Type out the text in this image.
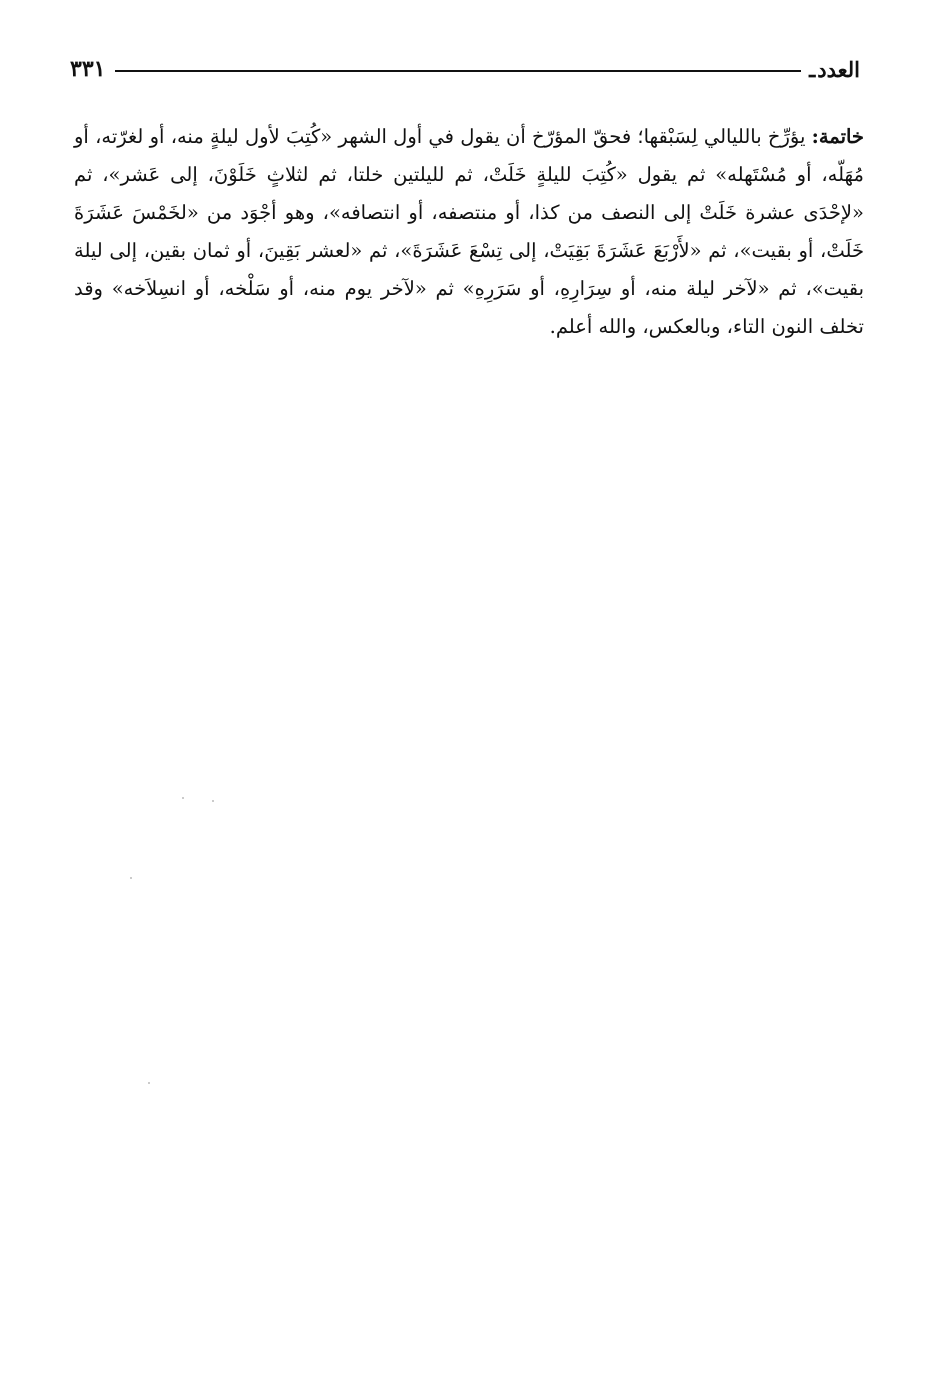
العدد
ـ
٣٣١

خاتمة: يؤرِّخ بالليالي لِسَبْقها؛ فحقّ المؤرّخ أن يقول في أول الشهر «كُتِبَ لأول ليلةٍ منه، أو لغرّته، أو مُهَلّه، أو مُسْتَهله» ثم يقول «كُتِبَ لليلةٍ خَلَتْ، ثم لليلتين خلتا، ثم لثلاثٍ خَلَوْنَ، إلى عَشر»، ثم «لإحْدَى عشرة خَلَتْ إلى النصف من كذا، أو منتصفه، أو انتصافه»، وهو أجْوَد من «لخَمْسَ عَشَرَةَ خَلَتْ، أو بقيت»، ثم «لأَرْبَعَ عَشَرَةَ بَقِيَتْ، إلى تِسْعَ عَشَرَةَ»، ثم «لعشر بَقِينَ، أو ثمان بقين، إلى ليلة بقيت»، ثم «لآخر ليلة منه، أو سِرَارِهِ، أو سَرَرِهِ» ثم «لآخر يوم منه، أو سَلْخه، أو انسِلاَخه» وقد تخلف النون التاء، وبالعكس، والله أعلم.
